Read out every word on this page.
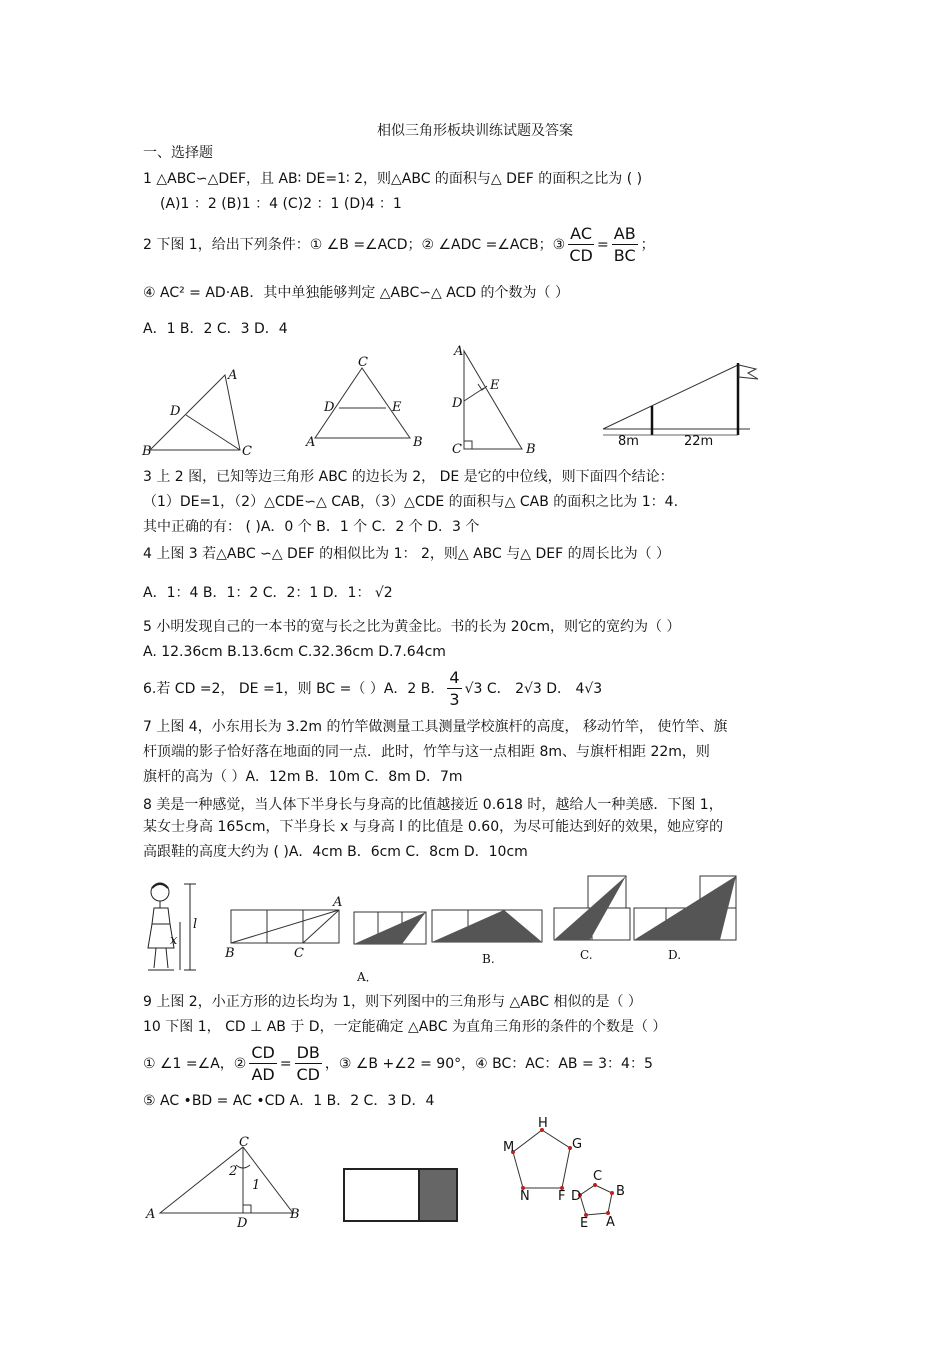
相似三角形板块训练试题及答案
一、选择题
1 △ABC∽△DEF，且 AB∶ DE=1∶ 2，则△ABC 的面积与△ DEF 的面积之比为 ( )
(A)1 ：2 (B)1 ：4 (C)2 ：1 (D)4 ：1
2 下图 1，给出下列条件：① ∠B =∠ACD；② ∠ADC =∠ACB；③ $\frac{AC}{CD} = \frac{AB}{BC}$ ；
④ AC² = AD·AB．其中单独能够判定 △ABC∽△ ACD 的个数为（ ）
A．1 B．2 C．3 D．4
A
D
B	C
C
D	E
A	B
A
D
E
C	B
8m	22m
3 上 2 图，已知等边三角形 ABC 的边长为 2， DE 是它的中位线，则下面四个结论：
（1）DE=1，（2）△CDE∽△ CAB，（3）△CDE 的面积与△ CAB 的面积之比为 1：4.
其中正确的有： ( )A．0 个 B．1 个 C．2 个 D．3 个
4 上图 3 若△ABC ∽△ DEF 的相似比为 1： 2，则△ ABC 与△ DEF 的周长比为（ ）
A．1：4 B．1：2 C．2：1 D．1： √2
5 小明发现自己的一本书的宽与长之比为黄金比。书的长为 20cm，则它的宽约为（ ）
A. 12.36cm B.13.6cm C.32.36cm D.7.64cm
6.若 CD =2， DE =1，则 BC =（ ）A．2 B． $\frac{4}{3} √3$ C． 2√3 D． 4√3
7 上图 4，小东用长为 3.2m 的竹竿做测量工具测量学校旗杆的高度， 移动竹竿， 使竹竿、旗
杆顶端的影子恰好落在地面的同一点．此时，竹竿与这一点相距 8m、与旗杆相距 22m，则
旗杆的高为（ ）A．12m B．10m C．8m D．7m
8 美是一种感觉，当人体下半身长与身高的比值越接近 0.618 时，越给人一种美感．下图 1，
某女士身高 165cm，下半身长 x 与身高 l 的比值是 0.60，为尽可能达到好的效果，她应穿的
高跟鞋的高度大约为 ( )A．4cm B．6cm C．8cm D．10cm
l
x
A
B	C
A．
B.	C.	D.
9 上图 2，小正方形的边长均为 1，则下列图中的三角形与 △ABC 相似的是（ ）
10 下图 1， CD ⊥ AB 于 D，一定能确定 △ABC 为直角三角形的条件的个数是（ ）
① ∠1 =∠A，② $\frac{CD}{AD} = \frac{DB}{CD}$ ，③ ∠B +∠2 = 90°，④ BC：AC：AB = 3：4：5
⑤ AC •BD = AC •CD A．1 B．2 C．3 D．4
C
A	B
D
2
1
H
G
F
N
M
C
B
A
E
D
